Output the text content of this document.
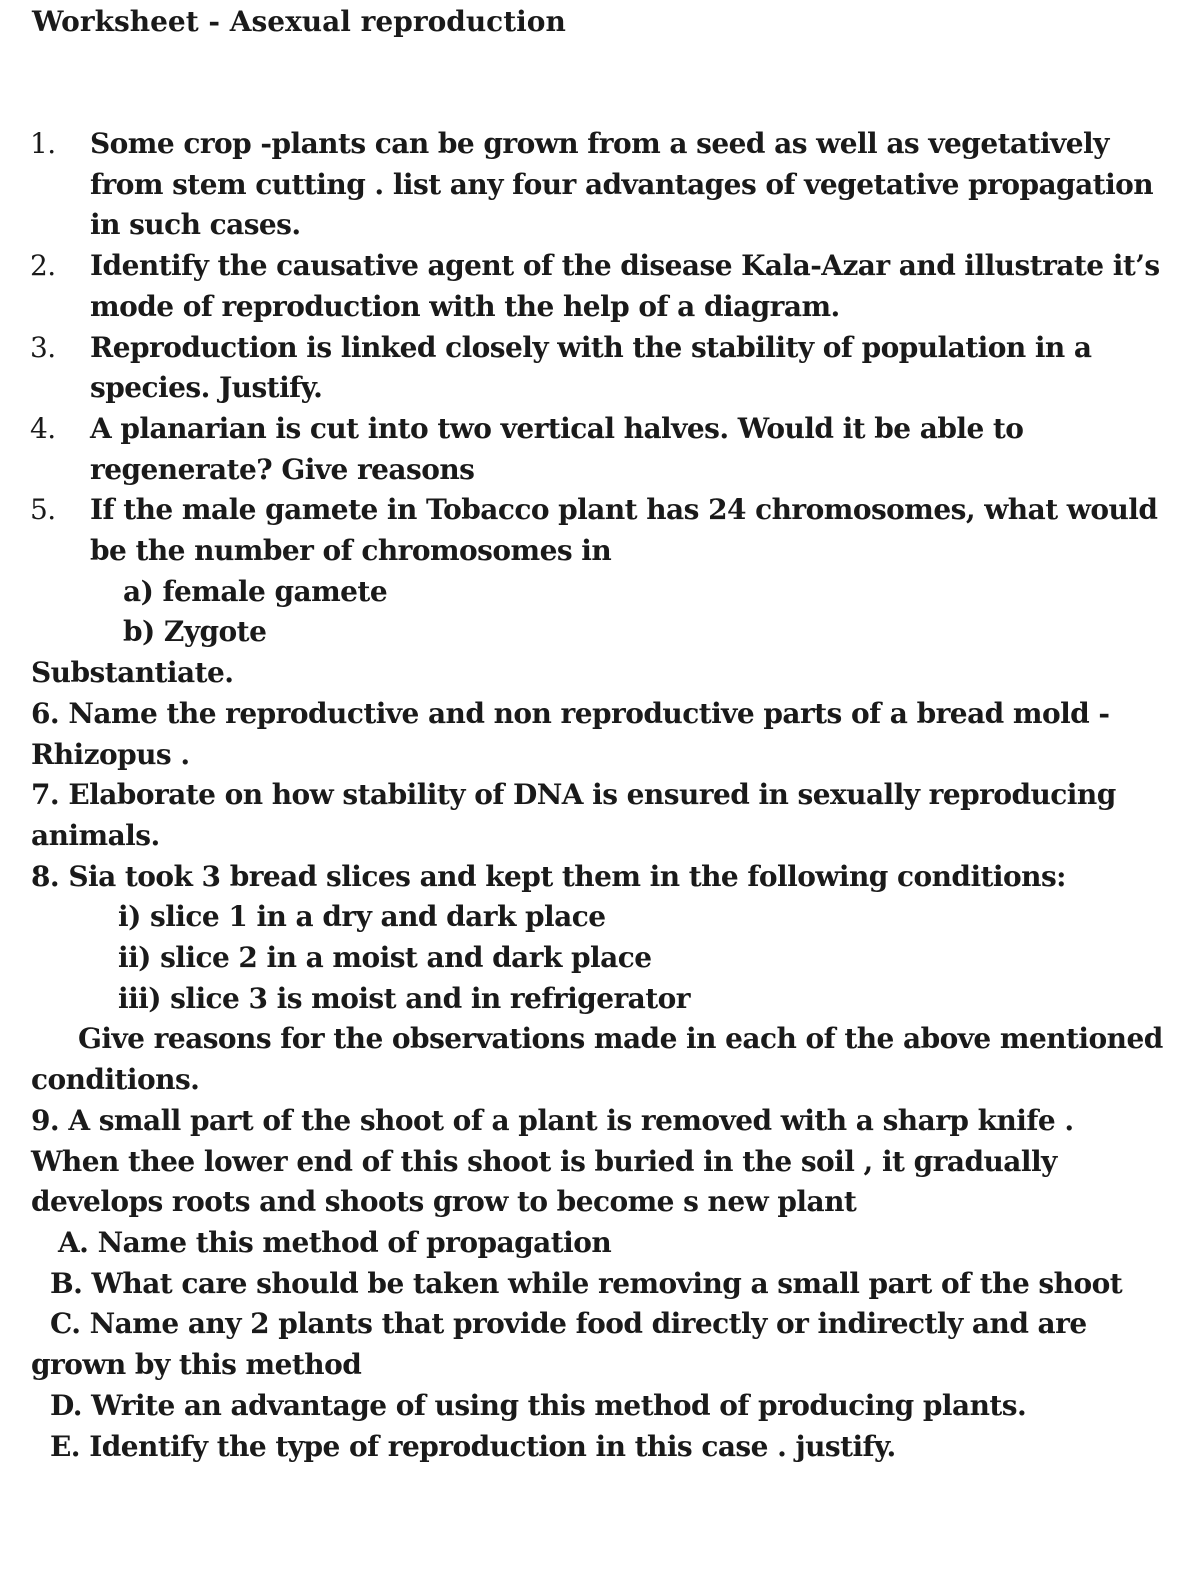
Worksheet - Asexual reproduction
1. Some crop -plants can be grown from a seed as well as vegetatively
from stem cutting . list any four advantages of vegetative propagation
in such cases.
2. Identify the causative agent of the disease Kala-Azar and illustrate it’s
mode of reproduction with the help of a diagram.
3. Reproduction is linked closely with the stability of population in a
species. Justify.
4. A planarian is cut into two vertical halves. Would it be able to
regenerate? Give reasons
5. If the male gamete in Tobacco plant has 24 chromosomes, what would
be the number of chromosomes in
a) female gamete
b) Zygote
Substantiate.
6. Name the reproductive and non reproductive parts of a bread mold -
Rhizopus .
7. Elaborate on how stability of DNA is ensured in sexually reproducing
animals.
8. Sia took 3 bread slices and kept them in the following conditions:
i) slice 1 in a dry and dark place
ii) slice 2 in a moist and dark place
iii) slice 3 is moist and in refrigerator
Give reasons for the observations made in each of the above mentioned
conditions.
9. A small part of the shoot of a plant is removed with a sharp knife .
When thee lower end of this shoot is buried in the soil , it gradually
develops roots and shoots grow to become s new plant
A. Name this method of propagation
B. What care should be taken while removing a small part of the shoot
C. Name any 2 plants that provide food directly or indirectly and are
grown by this method
D. Write an advantage of using this method of producing plants.
E. Identify the type of reproduction in this case . justify.
